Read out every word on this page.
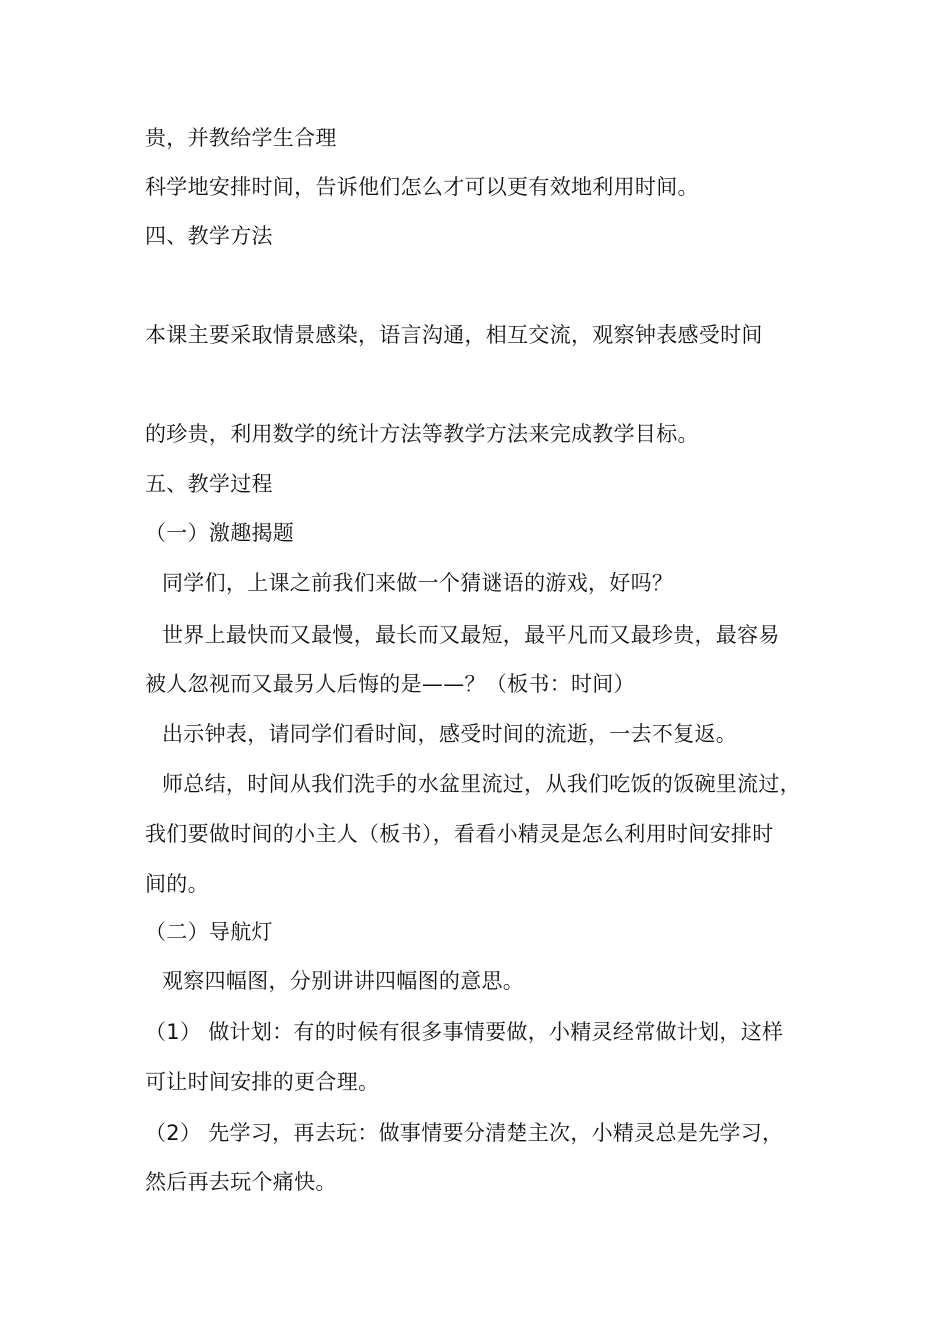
贵，并教给学生合理
科学地安排时间，告诉他们怎么才可以更有效地利用时间。
四、教学方法
本课主要采取情景感染，语言沟通，相互交流，观察钟表感受时间
的珍贵，利用数学的统计方法等教学方法来完成教学目标。
五、教学过程
（一）激趣揭题
同学们，上课之前我们来做一个猜谜语的游戏，好吗？
世界上最快而又最慢，最长而又最短，最平凡而又最珍贵，最容易
被人忽视而又最另人后悔的是——？（板书：时间）
出示钟表，请同学们看时间，感受时间的流逝，一去不复返。
师总结，时间从我们洗手的水盆里流过，从我们吃饭的饭碗里流过，
我们要做时间的小主人（板书），看看小精灵是怎么利用时间安排时
间的。
（二）导航灯
观察四幅图，分别讲讲四幅图的意思。
（1） 做计划：有的时候有很多事情要做，小精灵经常做计划，这样
可让时间安排的更合理。
（2） 先学习，再去玩：做事情要分清楚主次，小精灵总是先学习，
然后再去玩个痛快。
